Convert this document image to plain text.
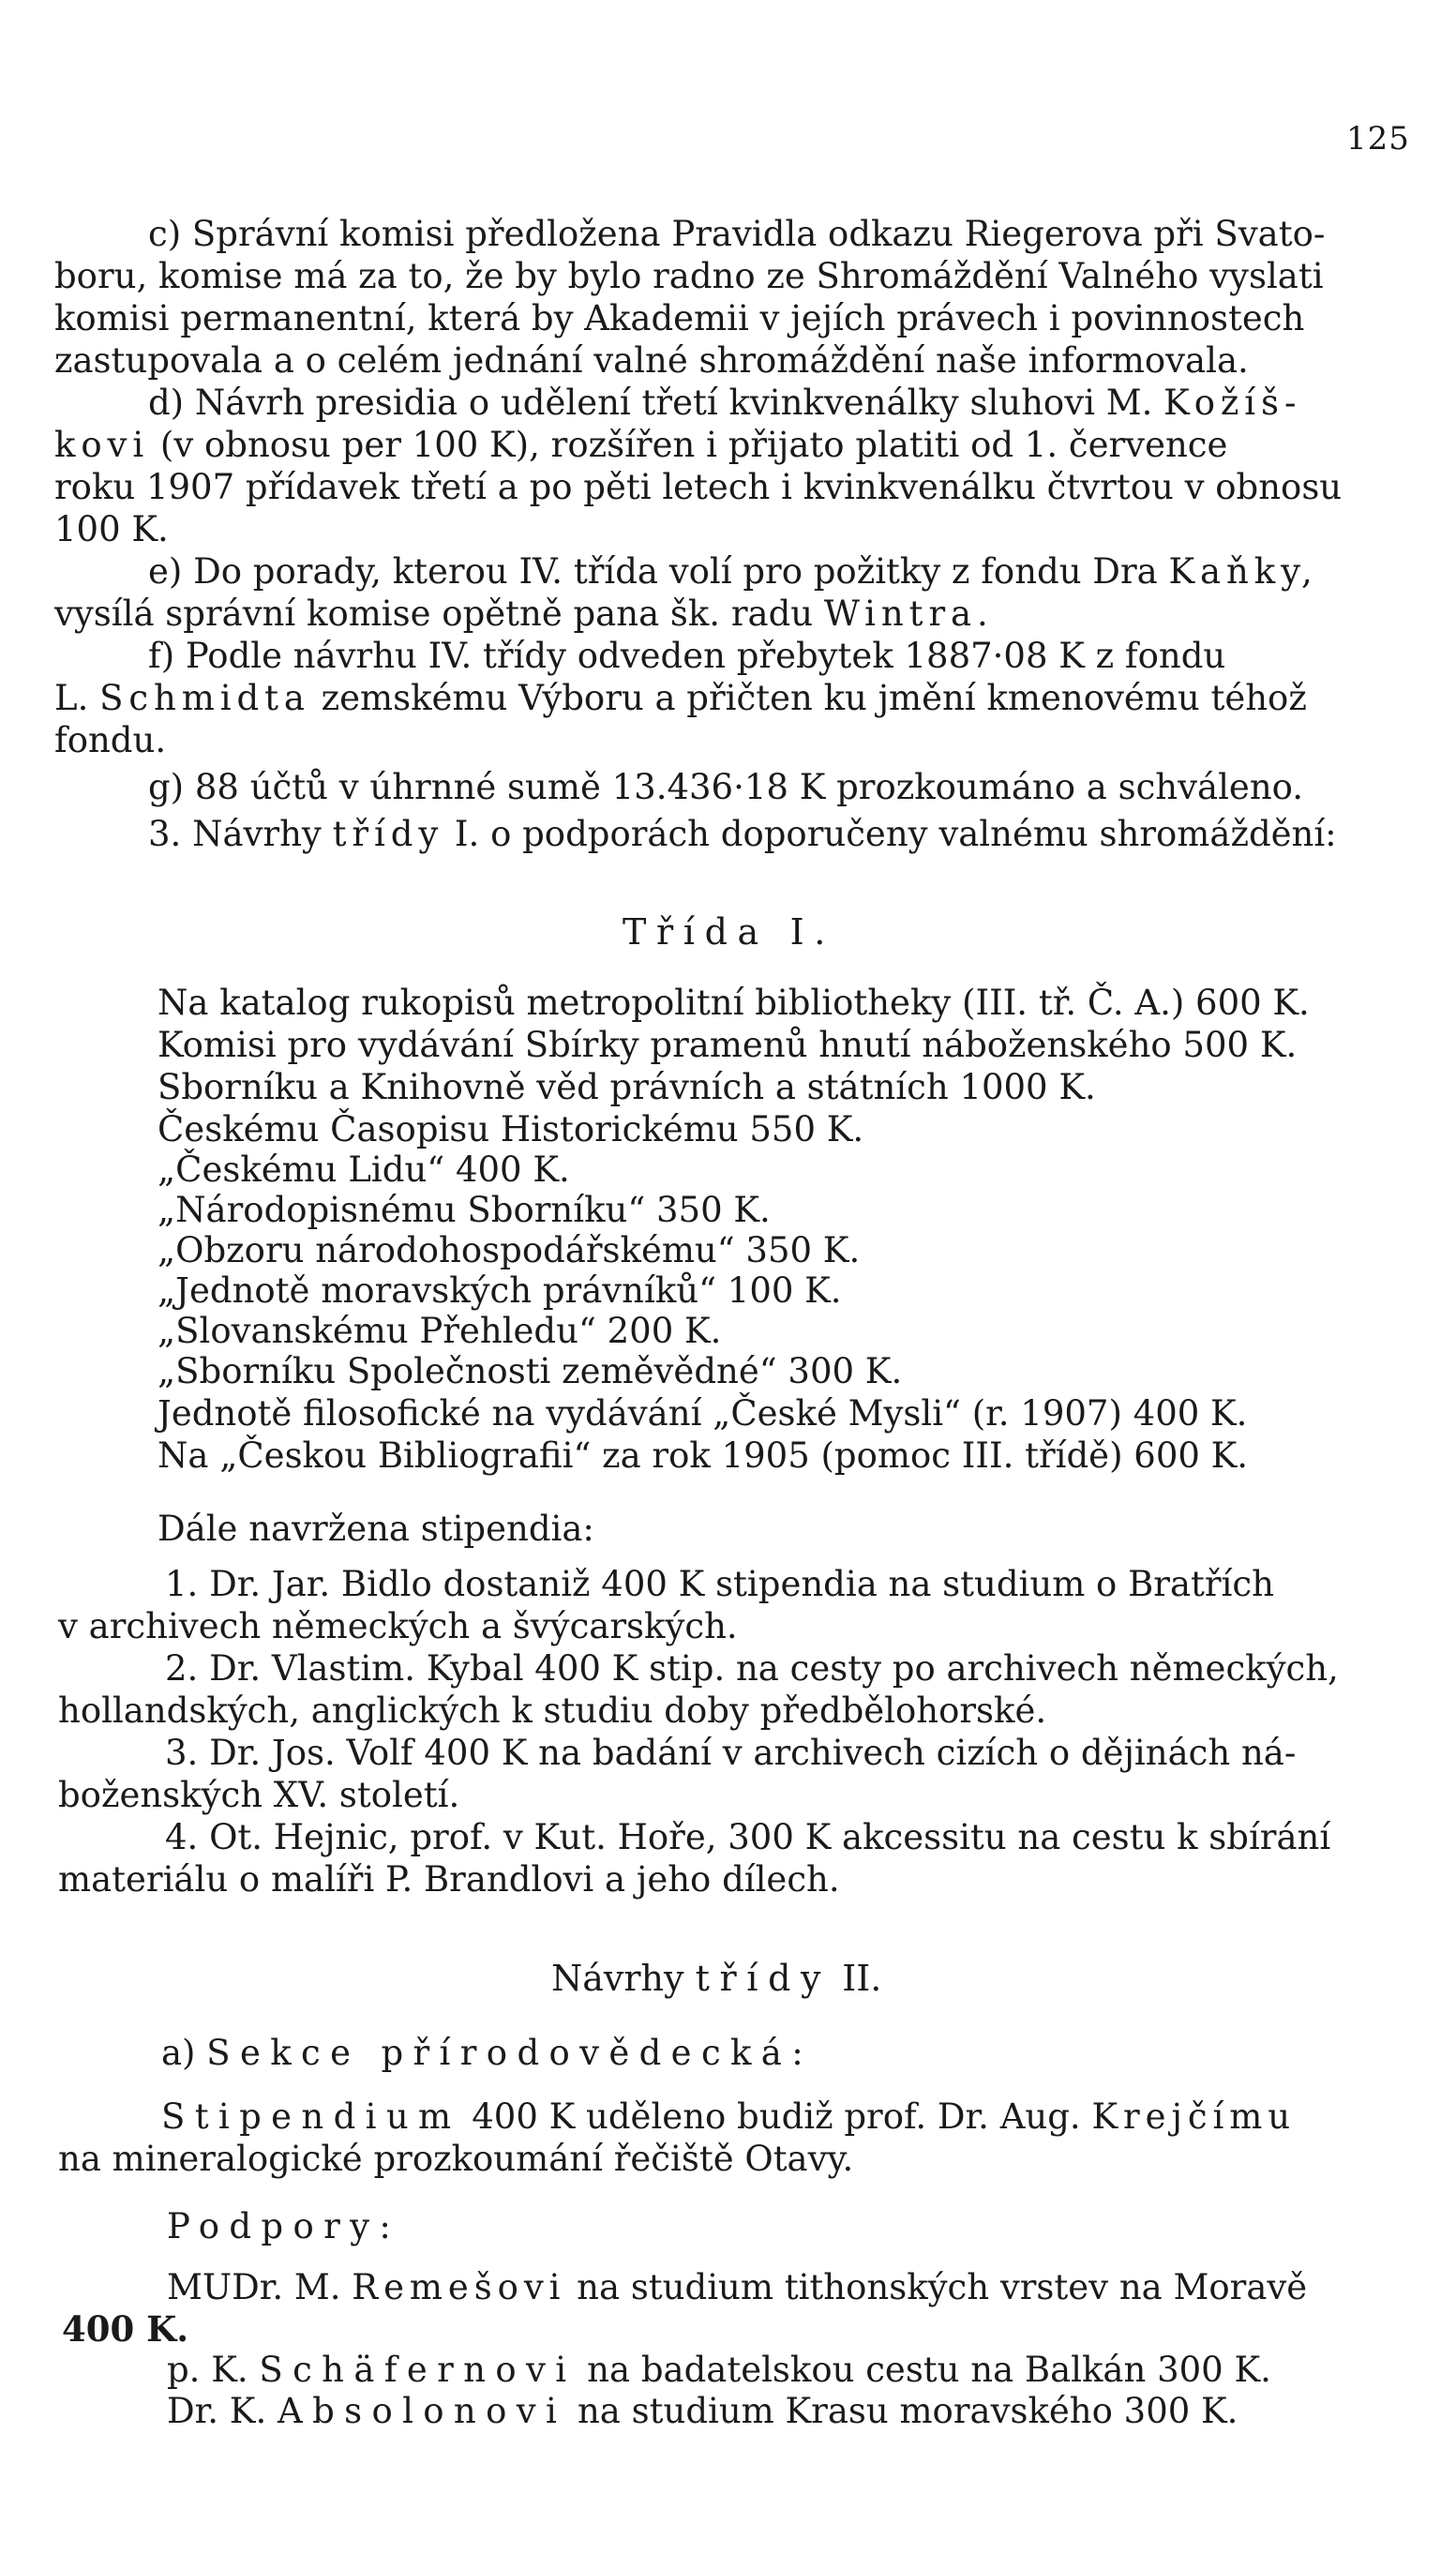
125
c) Správní komisi předložena Pravidla odkazu Riegerova při Svato-
boru, komise má za to, že by bylo radno ze Shromáždění Valného vyslati
komisi permanentní, která by Akademii v jejích právech i povinnostech
zastupovala a o celém jednání valné shromáždění naše informovala.
d) Návrh presidia o udělení třetí kvinkvenálky sluhovi M. Kožíš-
kovi (v obnosu per 100 K), rozšířen i přijato platiti od 1. července
roku 1907 přídavek třetí a po pěti letech i kvinkvenálku čtvrtou v obnosu
100 K.
e) Do porady, kterou IV. třída volí pro požitky z fondu Dra Kaňky,
vysílá správní komise opětně pana šk. radu Wintra.
f) Podle návrhu IV. třídy odveden přebytek 1887·08 K z fondu
L. Schmidta zemskému Výboru a přičten ku jmění kmenovému téhož
fondu.
g) 88 účtů v úhrnné sumě 13.436·18 K prozkoumáno a schváleno.
3. Návrhy třídy I. o podporách doporučeny valnému shromáždění:
Třída I.
Na katalog rukopisů metropolitní bibliotheky (III. tř. Č. A.) 600 K.
Komisi pro vydávání Sbírky pramenů hnutí náboženského 500 K.
Sborníku a Knihovně věd právních a státních 1000 K.
Českému Časopisu Historickému 550 K.
„Českému Lidu“ 400 K.
„Národopisnému Sborníku“ 350 K.
„Obzoru národohospodářskému“ 350 K.
„Jednotě moravských právníků“ 100 K.
„Slovanskému Přehledu“ 200 K.
„Sborníku Společnosti zeměvědné“ 300 K.
Jednotě filosofické na vydávání „České Mysli“ (r. 1907) 400 K.
Na „Českou Bibliografii“ za rok 1905 (pomoc III. třídě) 600 K.
Dále navržena stipendia:
1. Dr. Jar. Bidlo dostaniž 400 K stipendia na studium o Bratřích
v archivech německých a švýcarských.
2. Dr. Vlastim. Kybal 400 K stip. na cesty po archivech německých,
hollandských, anglických k studiu doby předbělohorské.
3. Dr. Jos. Volf 400 K na badání v archivech cizích o dějinách ná-
boženských XV. století.
4. Ot. Hejnic, prof. v Kut. Hoře, 300 K akcessitu na cestu k sbírání
materiálu o malíři P. Brandlovi a jeho dílech.
Návrhy třídy II.
a) Sekce přírodovědecká:
Stipendium 400 K uděleno budiž prof. Dr. Aug. Krejčímu
na mineralogické prozkoumání řečiště Otavy.
Podpory:
MUDr. M. Remešovi na studium tithonských vrstev na Moravě
400 K.
p. K. Schäfernovi na badatelskou cestu na Balkán 300 K.
Dr. K. Absolonovi na studium Krasu moravského 300 K.
